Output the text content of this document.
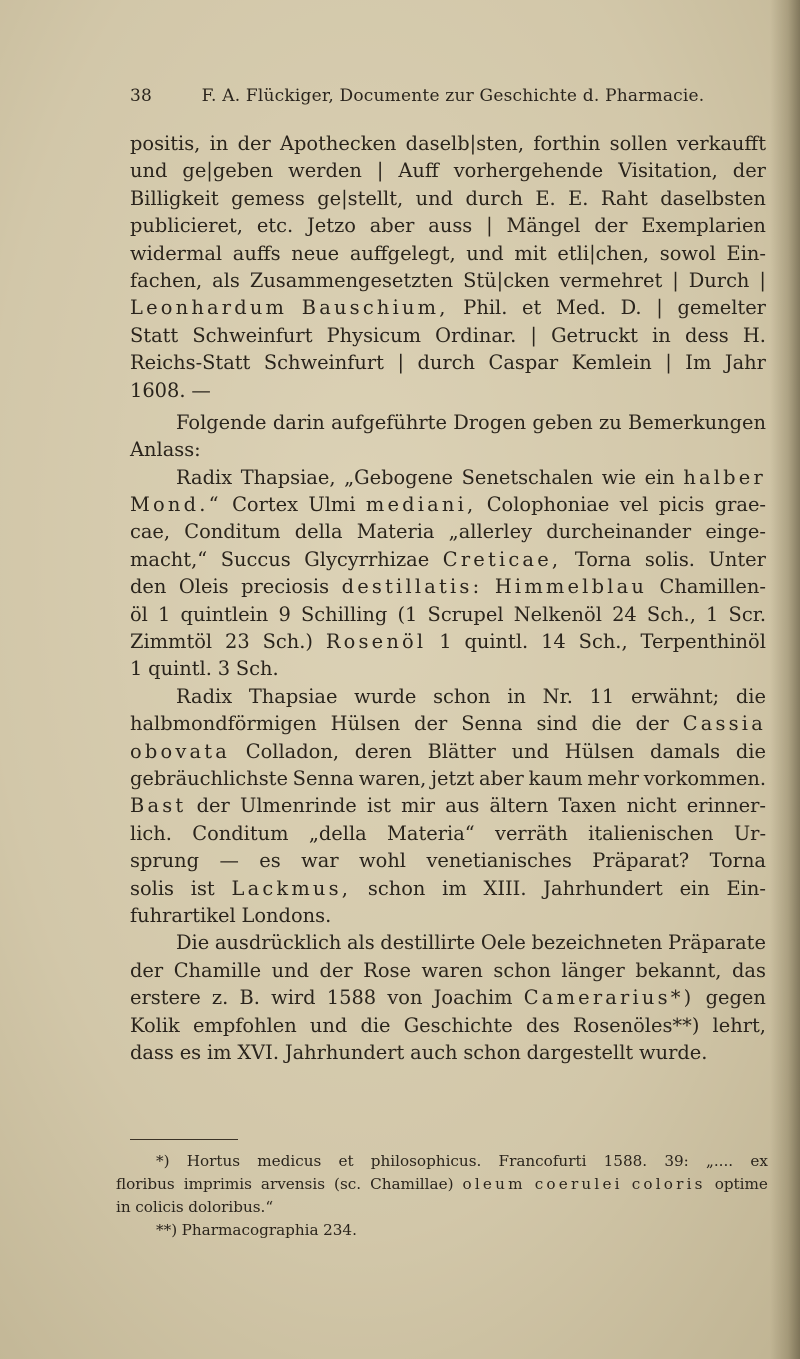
38	F. A. Flückiger, Documente zur Geschichte d. Pharmacie.
positis, in der Apothecken daselb|sten, forthin sollen verkaufft
und ge|geben werden | Auff vorhergehende Visitation, der
Billigkeit gemess ge|stellt, und durch E. E. Raht daselbsten
publicieret, etc. Jetzo aber auss | Mängel der Exemplarien
widermal auffs neue auffgelegt, und mit etli|chen, sowol Ein-
fachen, als Zusammengesetzten Stü|cken vermehret | Durch |
Leonhardum Bauschium, Phil. et Med. D. | gemelter
Statt Schweinfurt Physicum Ordinar. | Getruckt in dess H.
Reichs-Statt Schweinfurt | durch Caspar Kemlein | Im Jahr
1608. —
Folgende darin aufgeführte Drogen geben zu Bemerkungen
Anlass:
Radix Thapsiae, „Gebogene Senetschalen wie ein halber
Mond.“ Cortex Ulmi mediani, Colophoniae vel picis grae-
cae, Conditum della Materia „allerley durcheinander einge-
macht,“ Succus Glycyrrhizae Creticae, Torna solis. Unter
den Oleis preciosis destillatis: Himmelblau Chamillen-
öl 1 quintlein 9 Schilling (1 Scrupel Nelkenöl 24 Sch., 1 Scr.
Zimmtöl 23 Sch.) Rosenöl 1 quintl. 14 Sch., Terpenthinöl
1 quintl. 3 Sch.
Radix Thapsiae wurde schon in Nr. 11 erwähnt; die
halbmondförmigen Hülsen der Senna sind die der Cassia
obovata Colladon, deren Blätter und Hülsen damals die
gebräuchlichste Senna waren, jetzt aber kaum mehr vorkommen.
Bast der Ulmenrinde ist mir aus ältern Taxen nicht erinner-
lich. Conditum „della Materia“ verräth italienischen Ur-
sprung — es war wohl venetianisches Präparat? Torna
solis ist Lackmus, schon im XIII. Jahrhundert ein Ein-
fuhrartikel Londons.
Die ausdrücklich als destillirte Oele bezeichneten Präparate
der Chamille und der Rose waren schon länger bekannt, das
erstere z. B. wird 1588 von Joachim Camerarius*) gegen
Kolik empfohlen und die Geschichte des Rosenöles**) lehrt,
dass es im XVI. Jahrhundert auch schon dargestellt wurde.
*) Hortus medicus et philosophicus. Francofurti 1588. 39: „.... ex
floribus imprimis arvensis (sc. Chamillae) oleum coerulei coloris optime
in colicis doloribus.“
**) Pharmacographia 234.
